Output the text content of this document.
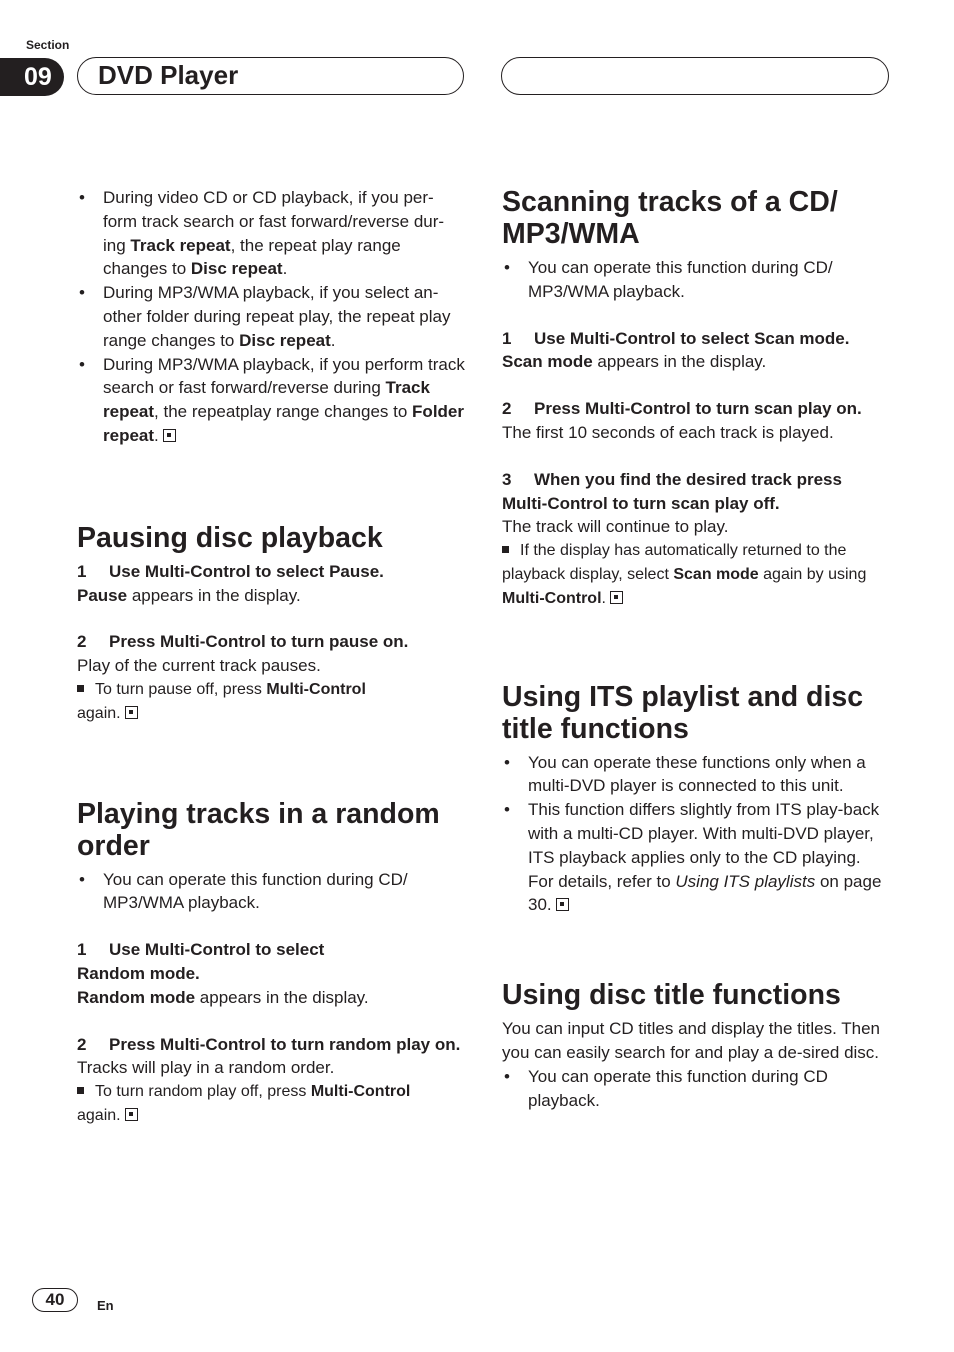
Section
09	DVD Player
• During video CD or CD playback, if you per-form track search or fast forward/reverse dur-ing Track repeat, the repeat play range changes to Disc repeat.
• During MP3/WMA playback, if you select an-other folder during repeat play, the repeat play range changes to Disc repeat.
• During MP3/WMA playback, if you perform track search or fast forward/reverse during Track repeat, the repeatplay range changes to Folder repeat.
Pausing disc playback
1 Use Multi-Control to select Pause.
Pause appears in the display.
2 Press Multi-Control to turn pause on.
Play of the current track pauses.
To turn pause off, press Multi-Control
again.
Playing tracks in a random order
• You can operate this function during CD/ MP3/WMA playback.
1 Use Multi-Control to select
Random mode.
Random mode appears in the display.
2 Press Multi-Control to turn random play on.
Tracks will play in a random order.
To turn random play off, press Multi-Control
again.
Scanning tracks of a CD/ MP3/WMA
• You can operate this function during CD/ MP3/WMA playback.
1 Use Multi-Control to select Scan mode.
Scan mode appears in the display.
2 Press Multi-Control to turn scan play on.
The first 10 seconds of each track is played.
3 When you find the desired track press Multi-Control to turn scan play off.
The track will continue to play.
If the display has automatically returned to the playback display, select Scan mode again by using Multi-Control.
Using ITS playlist and disc title functions
• You can operate these functions only when a multi-DVD player is connected to this unit.
• This function differs slightly from ITS play-back with a multi-CD player. With multi-DVD player, ITS playback applies only to the CD playing. For details, refer to Using ITS playlists on page 30.
Using disc title functions
You can input CD titles and display the titles. Then you can easily search for and play a de-sired disc.
• You can operate this function during CD playback.
40	En
